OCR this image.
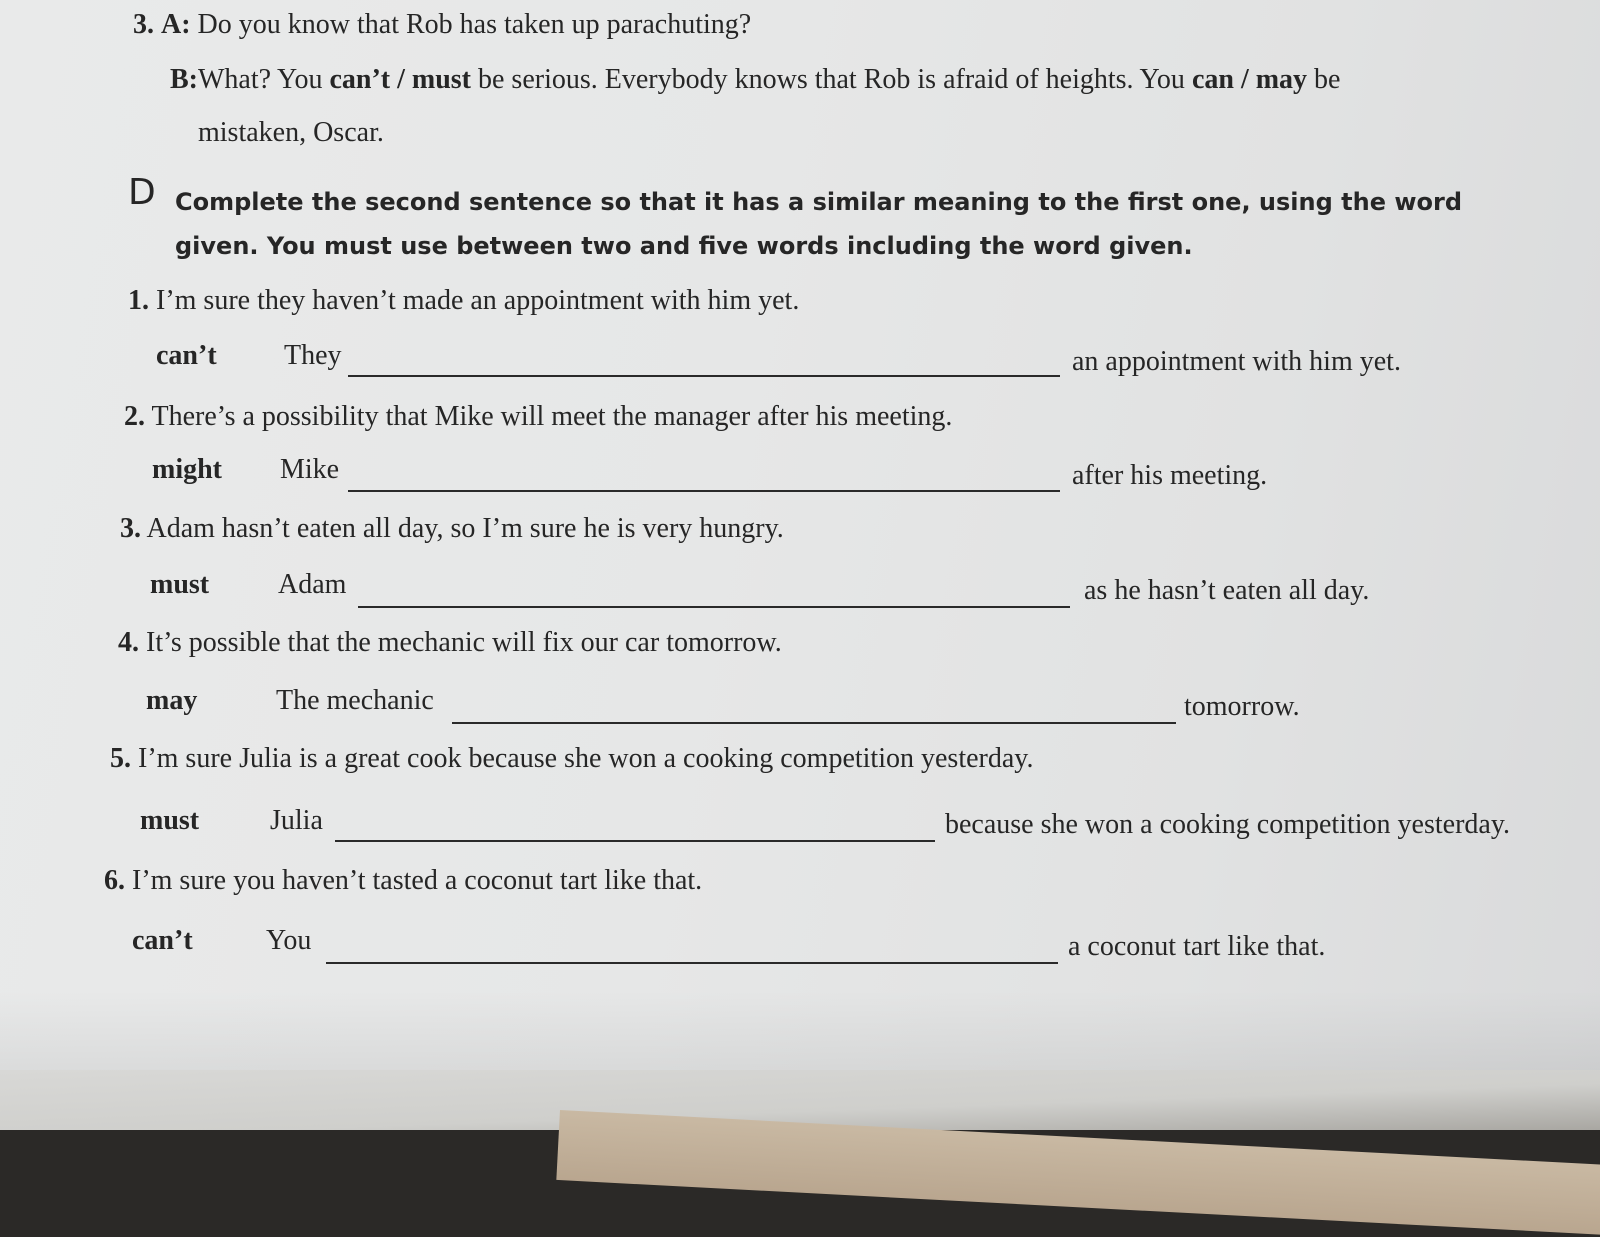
3. A: Do you know that Rob has taken up parachuting?
B:What? You can’t / must be serious. Everybody knows that Rob is afraid of heights. You can / may be
mistaken, Oscar.
D Complete the second sentence so that it has a similar meaning to the first one, using the word
given. You must use between two and five words including the word given.
1. I’m sure they haven’t made an appointment with him yet.
can’t They	an appointment with him yet.
2. There’s a possibility that Mike will meet the manager after his meeting.
might Mike	after his meeting.
3. Adam hasn’t eaten all day, so I’m sure he is very hungry.
must Adam	as he hasn’t eaten all day.
4. It’s possible that the mechanic will fix our car tomorrow.
may	The mechanic	tomorrow.
5. I’m sure Julia is a great cook because she won a cooking competition yesterday.
must	Julia	because she won a cooking competition yesterday.
6. I’m sure you haven’t tasted a coconut tart like that.
can’t	You	a coconut tart like that.
